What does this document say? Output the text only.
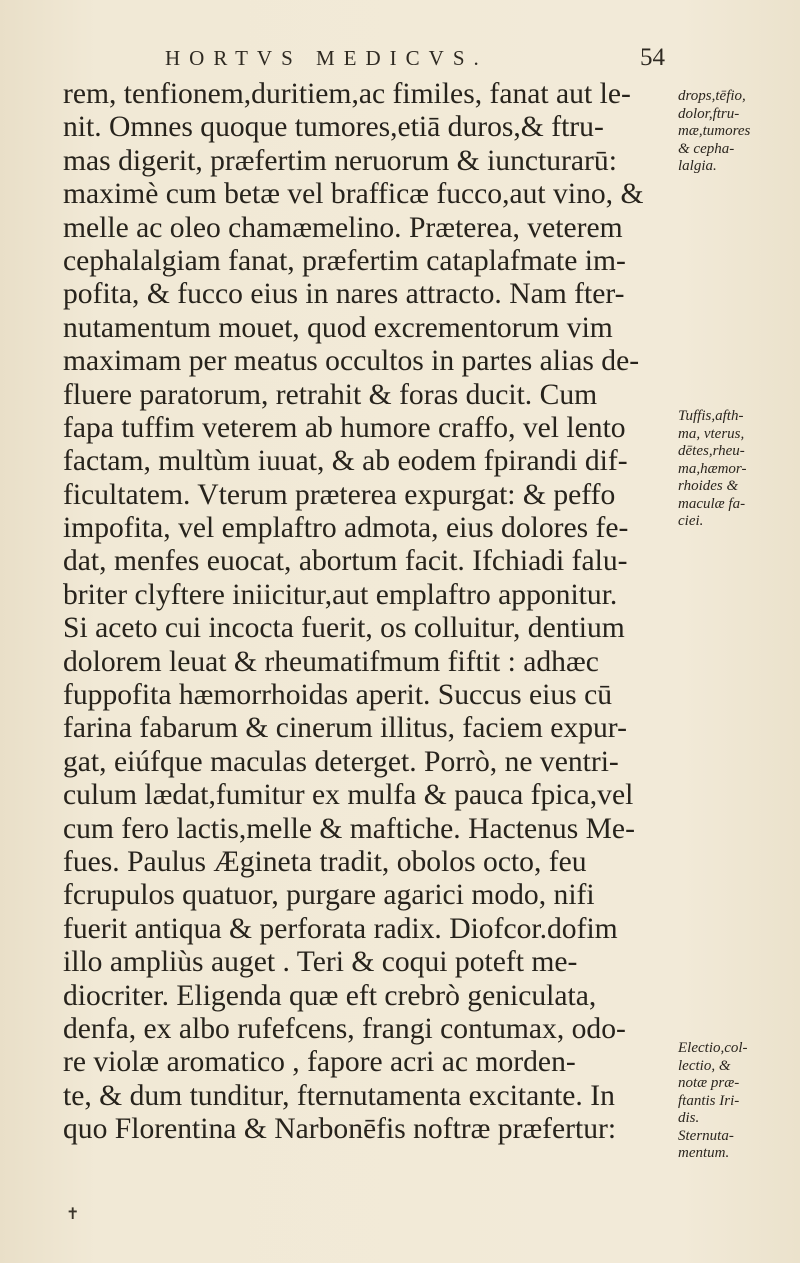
HORTVS MEDICVS.	54
rem, tenfionem,duritiem,ac fimiles, fanat aut le-
nit. Omnes quoque tumores,etiā duros,& ftru-
mas digerit, præfertim neruorum & iuncturarū:
maximè cum betæ vel brafficæ fucco,aut vino, &
melle ac oleo chamæmelino. Præterea, veterem
cephalalgiam fanat, præfertim cataplafmate im-
pofita, & fucco eius in nares attracto. Nam fter-
nutamentum mouet, quod excrementorum vim
maximam per meatus occultos in partes alias de-
fluere paratorum, retrahit & foras ducit. Cum
fapa tuffim veterem ab humore craffo, vel lento
factam, multùm iuuat, & ab eodem fpirandi dif-
ficultatem. Vterum præterea expurgat: & peffo
impofita, vel emplaftro admota, eius dolores fe-
dat, menfes euocat, abortum facit. Ifchiadi falu-
briter clyftere iniicitur,aut emplaftro apponitur.
Si aceto cui incocta fuerit, os colluitur, dentium
dolorem leuat & rheumatifmum fiftit : adhæc
fuppofita hæmorrhoidas aperit. Succus eius cū
farina fabarum & cinerum illitus, faciem expur-
gat, eiúfque maculas deterget. Porrò, ne ventri-
culum lædat,fumitur ex mulfa & pauca fpica,vel
cum fero lactis,melle & maftiche. Hactenus Me-
fues. Paulus Ægineta tradit, obolos octo, feu
fcrupulos quatuor, purgare agarici modo, nifi
fuerit antiqua & perforata radix. Diofcor.dofim
illo ampliùs auget . Teri & coqui poteft me-
diocriter. Eligenda quæ eft crebrò geniculata,
denfa, ex albo rufefcens, frangi contumax, odo-
re violæ aromatico , fapore acri ac morden-
te, & dum tunditur, fternutamenta excitante. In
quo Florentina & Narbonēfis noftræ præfertur:
drops,tēfio,
dolor,ftru-
mæ,tumores
& cepha-
lalgia.
Tuffis,afth-
ma, vterus,
dētes,rheu-
ma,hæmor-
rhoides &
maculæ fa-
ciei.
Electio,col-
lectio, &
notæ præ-
ftantis Iri-
dis.
Sternuta-
mentum.
✝
